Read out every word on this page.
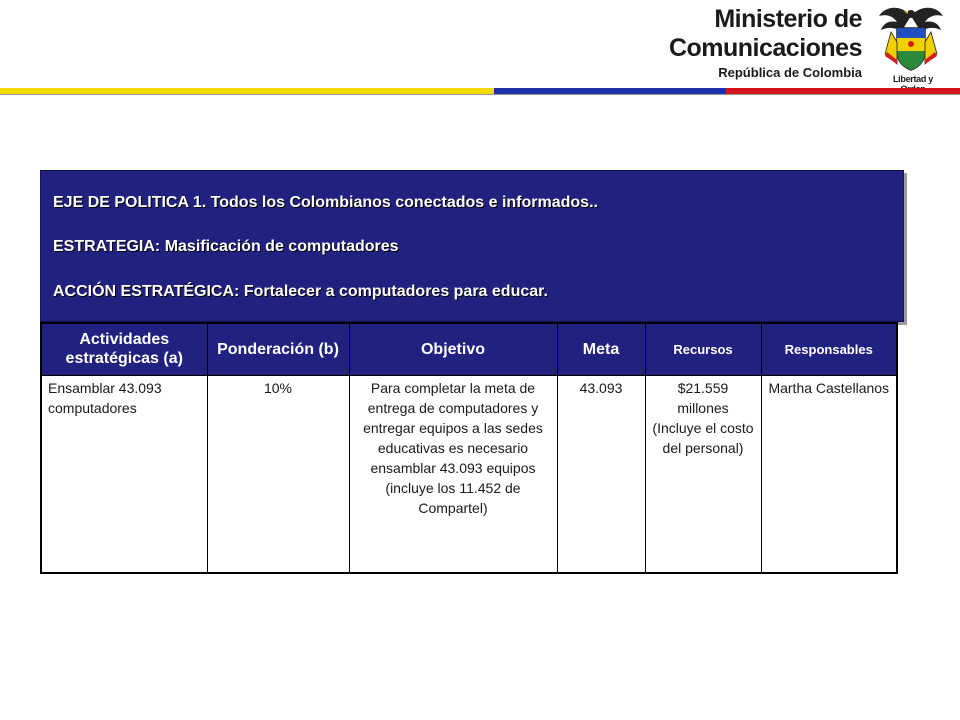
Ministerio de
Comunicaciones
República de Colombia	Libertad y
EJE DE POLITICA 1. Todos los Colombianos conectados e informados..
ESTRATEGIA: Masificación de computadores
ACCIÓN ESTRATÉGICA: Fortalecer a computadores para educar.
Actividades estratégicas (a)	Ponderación (b)	Objetivo	Meta	Recursos	Responsables
Ensamblar 43.093 computadores	10%	Para completar la meta de entrega de computadores y entregar equipos a las sedes educativas es necesario ensamblar 43.093 equipos (incluye los 11.452 de Compartel)	43.093	$21.559 millones (Incluye el costo del personal)	Martha Castellanos
